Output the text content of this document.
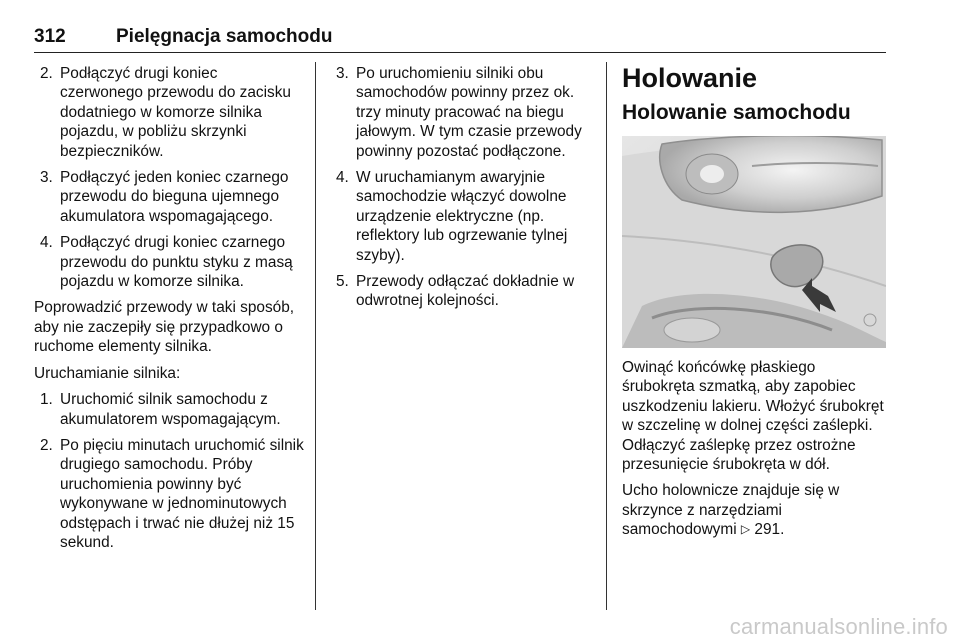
312	Pielęgnacja samochodu
2. Podłączyć drugi koniec czerwonego przewodu do zacisku dodatniego w komorze silnika pojazdu, w pobliżu skrzynki bezpieczników.
3. Podłączyć jeden koniec czarnego przewodu do bieguna ujemnego akumulatora wspomagającego.
4. Podłączyć drugi koniec czarnego przewodu do punktu styku z masą pojazdu w komorze silnika.

Poprowadzić przewody w taki sposób, aby nie zaczepiły się przypadkowo o ruchome elementy silnika.

Uruchamianie silnika:

1. Uruchomić silnik samochodu z akumulatorem wspomagającym.
2. Po pięciu minutach uruchomić silnik drugiego samochodu. Próby uruchomienia powinny być wykonywane w jednominutowych odstępach i trwać nie dłużej niż 15 sekund.
3. Po uruchomieniu silniki obu samochodów powinny przez ok. trzy minuty pracować na biegu jałowym. W tym czasie przewody powinny pozostać podłączone.
4. W uruchamianym awaryjnie samochodzie włączyć dowolne urządzenie elektryczne (np. reflektory lub ogrzewanie tylnej szyby).
5. Przewody odłączać dokładnie w odwrotnej kolejności.
Holowanie
Holowanie samochodu

Owinąć końcówkę płaskiego śrubokręta szmatką, aby zapobiec uszkodzeniu lakieru. Włożyć śrubokręt w szczelinę w dolnej części zaślepki. Odłączyć zaślepkę przez ostrożne przesunięcie śrubokręta w dół.

Ucho holownicze znajduje się w skrzynce z narzędziami samochodowymi ▷ 291.

carmanualsonline.info
